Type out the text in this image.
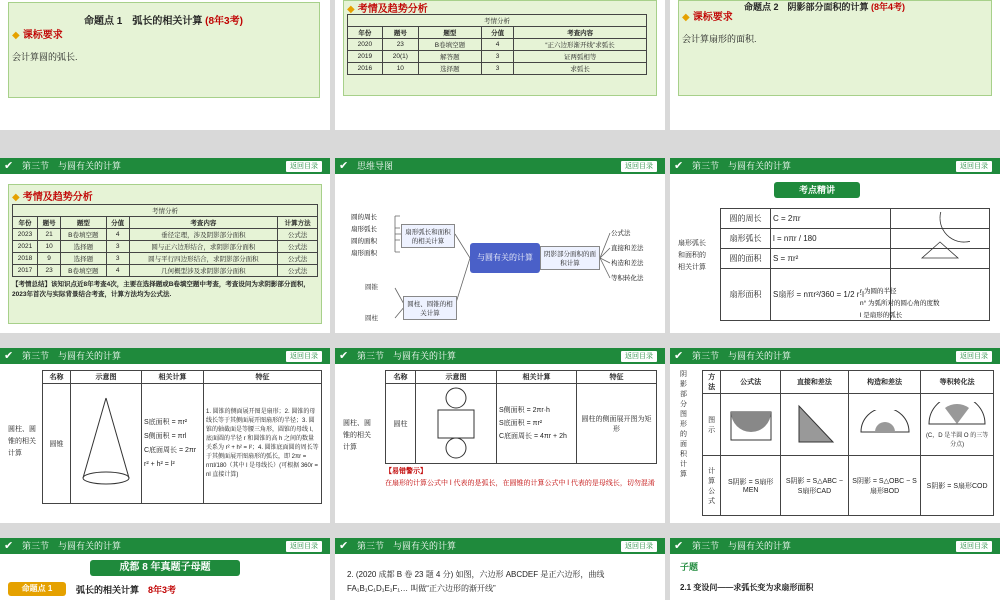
命题点 1　弧长的相关计算 (8年3考)
◆ 课标要求
会计算圆的弧长.
◆ 考情及趋势分析
考情分析				
年份	题号	题型	分值	考查内容
2020	23	B卷填空题	4	“正六边形渐开线”求弧长
2019	20(1)	解答题	3	证两弧相等
2016	10	选择题	3	求弧长
命题点 2　阴影部分面积的计算 (8年4考)
◆ 课标要求
会计算扇形的面积.
✔ 第三节　与圆有关的计算	返回目录
◆ 考情及趋势分析
考情分析					
年份	题号	题型	分值	考查内容	计算方法
2023	21	B卷填空题	4	垂径定理，涉及阴影部分面积	公式法
2021	10	选择题	3	圆与正六边形结合，求阴影部分面积	公式法
2018	9	选择题	3	圆与平行四边形结合，求阴影部分面积	公式法
2017	23	B卷填空题	4	几何概型涉及求阴影部分面积	公式法
【考情总结】该知识点近8年考查4次，主要在选择题或B卷填空题中考查，考查设问为求阴影部分面积，2023年首次与实际背景结合考查，计算方法均为公式法.
✔ 思维导图	返回目录
圆的周长
扇形弧长
圆的面积
扇形面积
扇形弧长和面积的相关计算
圆锥
圆柱
圆柱、圆锥的相关计算
与圆有关的计算	阴影部分面积的面积计算
公式法
直接和差法
构造和差法
等积转化法
✔ 第三节　与圆有关的计算	返回目录
考点精讲
扇形弧长和面积的相关计算
圆的周长	C = 2πr	
扇形弧长	l = nπr / 180	
圆的面积	S = πr²	
扇形面积	S扇形 = nπr²/360 = 1/2 r·l	
r 为圆的半径
n° 为弧所对的圆心角的度数
l 是扇形的弧长
✔ 第三节　与圆有关的计算	返回目录
圆柱、圆锥的相关计算
名称	示意图	相关计算	特征
圆锥		S底面积 = πr²
S侧面积 = πrl
C底面周长 = 2πr
r² + h² = l²	1. 圆锥的侧面展开图是扇形；2. 圆锥的母线长等于其侧面展开图扇形的半径；3. 圆锥的轴截面是等腰三角形，圆锥的母线 l、底面圆的半径 r 和圆锥的高 h 之间的数量关系为 r² + h² = l²；4. 圆锥底面圆的周长等于其侧面展开图扇形的弧长，即 2πr = nπl/180（其中 l 是母线长）(可根据 360r = nl 直接计算)
✔ 第三节　与圆有关的计算	返回目录
圆柱、圆锥的相关计算
名称	示意图	相关计算	特征
圆柱		S侧面积 = 2πr·h
S底面积 = πr²
C底面周长 = 4πr + 2h	圆柱的侧面展开图为矩形
【易错警示】
在扇形的计算公式中 l 代表的是弧长，在圆锥的计算公式中 l 代表的是母线长，切勿混淆
✔ 第三节　与圆有关的计算	返回目录
阴影部分图形的面积计算
方法	公式法	直接和差法	构造和差法	等积转化法
图示				(C，D 是半圆 O 的三等分点)

计算公式	S阴影 = S扇形MEN	S阴影 = S△ABC − S扇形CAD	S阴影 = S△OBC − S扇形BOD	S阴影 = S扇形COD
✔ 第三节　与圆有关的计算	返回目录
成都 8 年真题子母题
命题点 1	弧长的相关计算　 8年3考
✔ 第三节　与圆有关的计算	返回目录
2. (2020 成都 B 卷 23 题 4 分) 如图，六边形 ABCDEF 是正六边形，曲线 FA₁B₁C₁D₁E₁F₁… 叫做“正六边形的渐开线”
✔ 第三节　与圆有关的计算	返回目录
子题
2.1 变设问——求弧长变为求扇形面积
